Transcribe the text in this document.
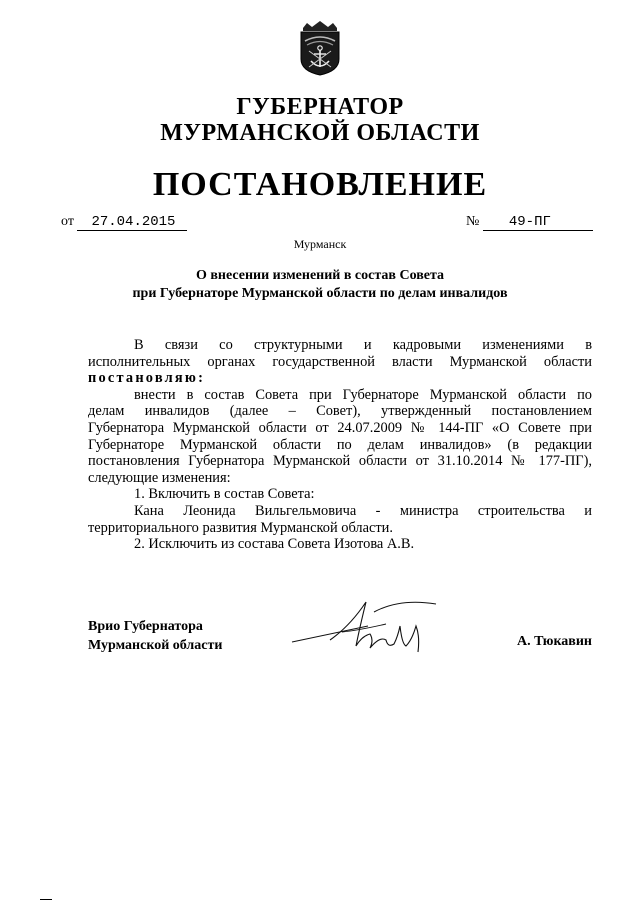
ГУБЕРНАТОР
МУРМАНСКОЙ ОБЛАСТИ
ПОСТАНОВЛЕНИЕ
от 27.04.2015	№ 49-ПГ
Мурманск
О внесении изменений в состав Совета
при Губернаторе Мурманской области по делам инвалидов

В связи со структурными и кадровыми изменениями в

исполнительных органах государственной власти Мурманской области

постановляю:

внести в состав Совета при Губернаторе Мурманской области по

делам инвалидов (далее – Совет), утвержденный постановлением

Губернатора Мурманской области от 24.07.2009 № 144-ПГ «О Совете при

Губернаторе Мурманской области по делам инвалидов» (в редакции

постановления Губернатора Мурманской области от 31.10.2014 № 177-ПГ),

следующие изменения:

1. Включить в состав Совета:

Кана Леонида Вильгельмовича - министра строительства и

территориального развития Мурманской области.

2. Исключить из состава Совета Изотова А.В.

Врио Губернатора
Мурманской области	А. Тюкавин
